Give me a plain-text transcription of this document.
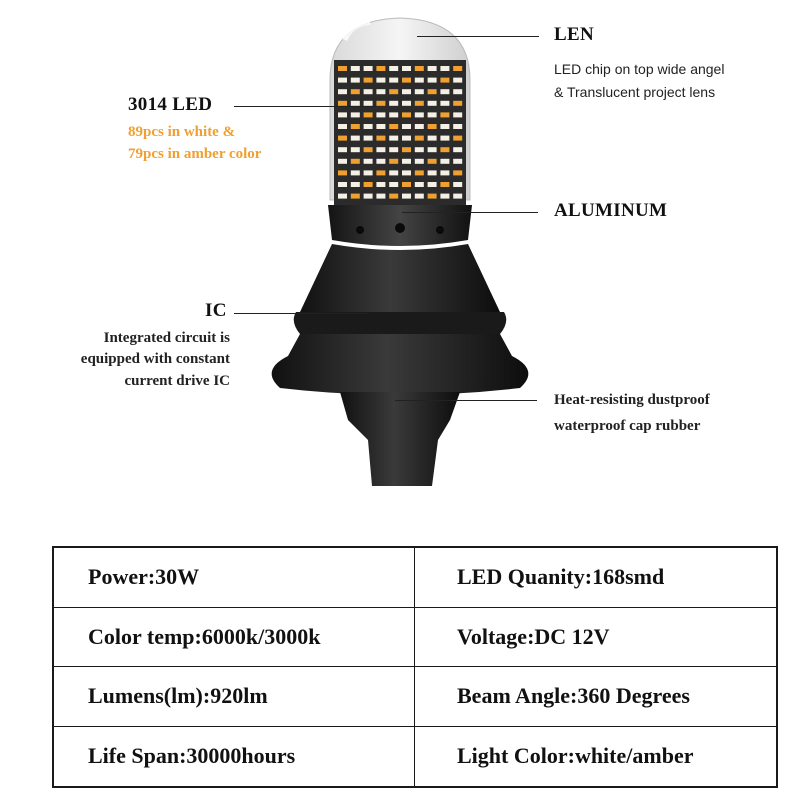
LEN
LED chip on top wide angel
& Translucent project lens
3014 LED
89pcs in white &
79pcs in amber color
ALUMINUM
IC
Integrated circuit is
equipped with constant
current drive IC
Heat-resisting dustproof
waterproof cap rubber
Power:30W	LED Quanity:168smd
Color temp:6000k/3000k	Voltage:DC 12V
Lumens(lm):920lm	Beam Angle:360 Degrees
Life Span:30000hours	Light Color:white/amber
